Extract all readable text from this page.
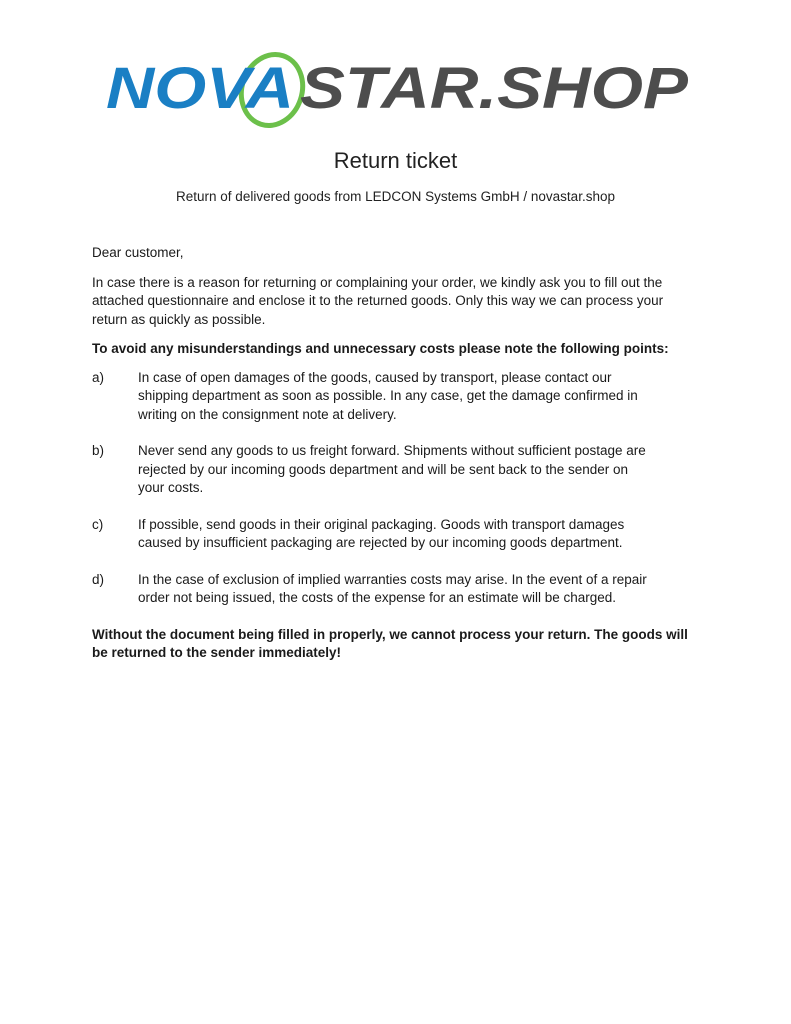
NOVA STAR.SHOP
Return ticket
Return of delivered goods from LEDCON Systems GmbH / novastar.shop

Dear customer,

In case there is a reason for returning or complaining your order, we kindly ask you to fill out the attached questionnaire and enclose it to the returned goods. Only this way we can process your return as quickly as possible.

To avoid any misunderstandings and unnecessary costs please note the following points:

a)	In case of open damages of the goods, caused by transport, please contact our shipping department as soon as possible. In any case, get the damage confirmed in writing on the consignment note at delivery.
b)	Never send any goods to us freight forward. Shipments without sufficient postage are rejected by our incoming goods department and will be sent back to the sender on your costs.
c)	If possible, send goods in their original packaging. Goods with transport damages caused by insufficient packaging are rejected by our incoming goods department.
d)	In the case of exclusion of implied warranties costs may arise. In the event of a repair order not being issued, the costs of the expense for an estimate will be charged.

Without the document being filled in properly, we cannot process your return. The goods will be returned to the sender immediately!
